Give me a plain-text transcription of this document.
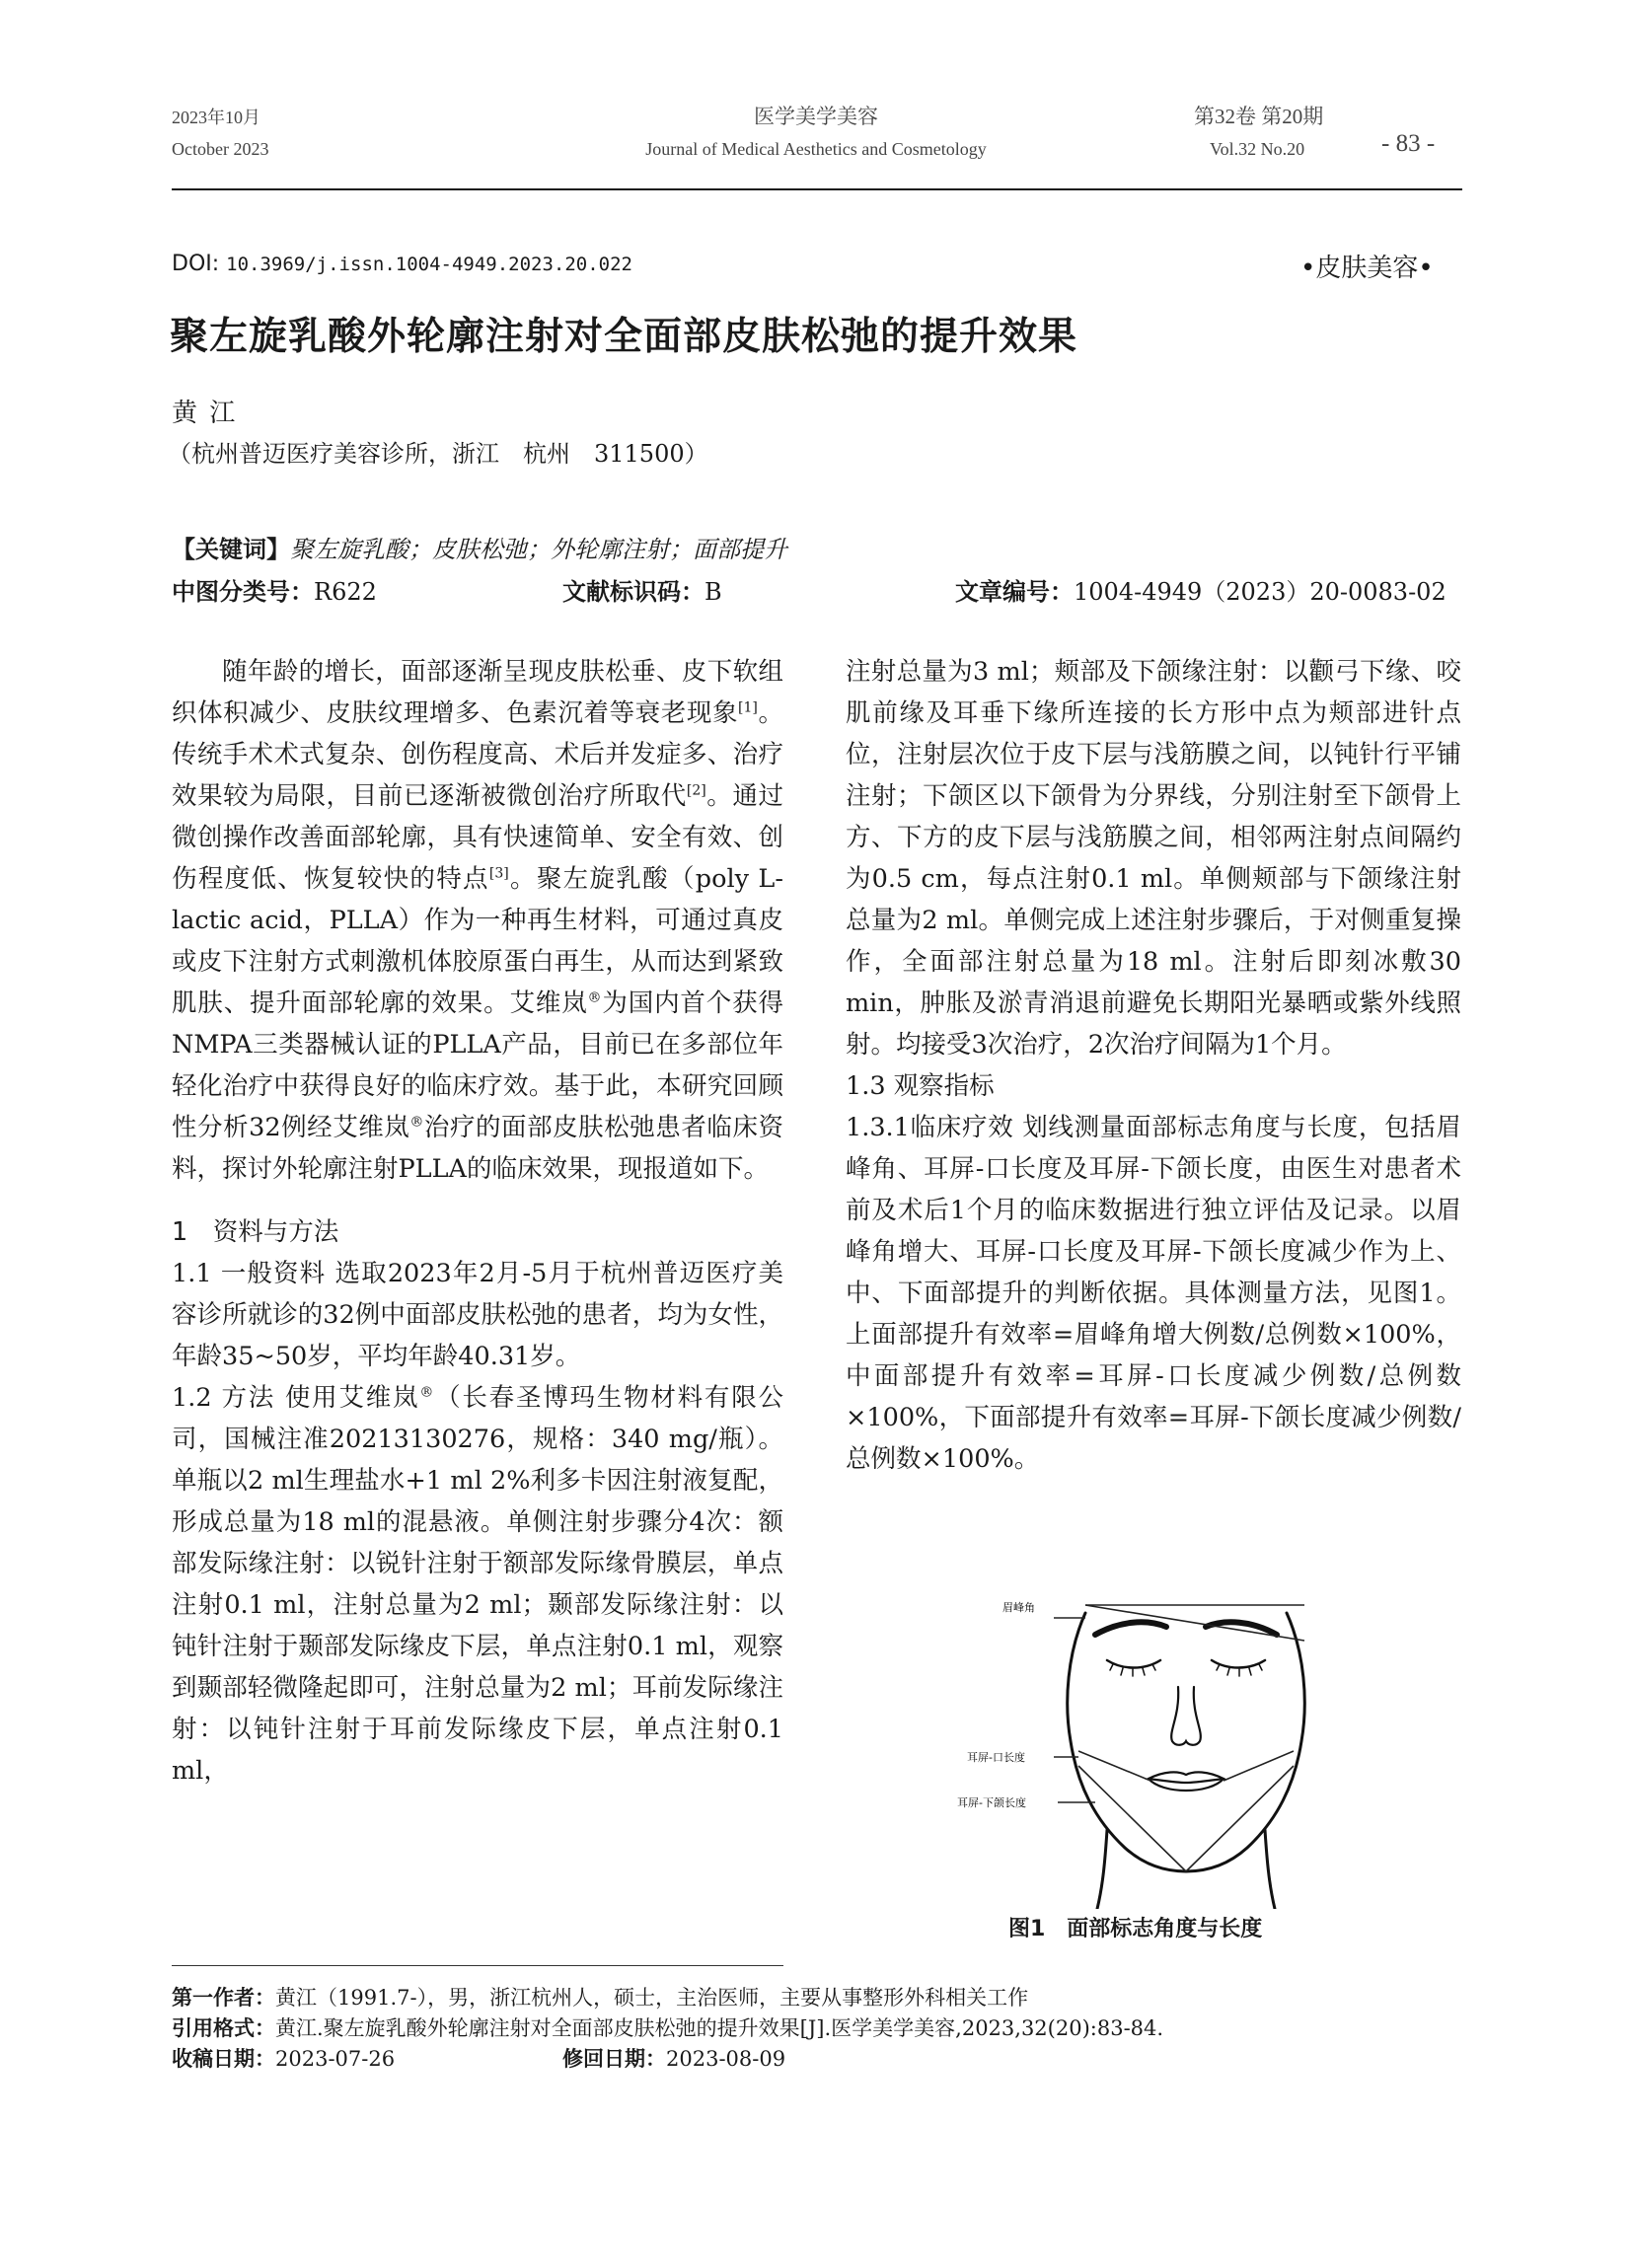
2023年10月
October 2023
医学美学美容
Journal of Medical Aesthetics and Cosmetology
第32卷 第20期
Vol.32 No.20	- 83 -
DOI: 10.3969/j.issn.1004-4949.2023.20.022	•皮肤美容•
聚左旋乳酸外轮廓注射对全面部皮肤松弛的提升效果
黄 江
（杭州普迈医疗美容诊所，浙江　杭州　311500）
【关键词】聚左旋乳酸；皮肤松弛；外轮廓注射；面部提升
中图分类号：R622	文献标识码：B	文章编号：1004-4949（2023）20-0083-02

随年龄的增长，面部逐渐呈现皮肤松垂、皮下软组织体积减少、皮肤纹理增多、色素沉着等衰老现象[1]。传统手术术式复杂、创伤程度高、术后并发症多、治疗效果较为局限，目前已逐渐被微创治疗所取代[2]。通过微创操作改善面部轮廓，具有快速简单、安全有效、创伤程度低、恢复较快的特点[3]。聚左旋乳酸（poly L-lactic acid，PLLA）作为一种再生材料，可通过真皮或皮下注射方式刺激机体胶原蛋白再生，从而达到紧致肌肤、提升面部轮廓的效果。艾维岚®为国内首个获得NMPA三类器械认证的PLLA产品，目前已在多部位年轻化治疗中获得良好的临床疗效。基于此，本研究回顾性分析32例经艾维岚®治疗的面部皮肤松弛患者临床资料，探讨外轮廓注射PLLA的临床效果，现报道如下。

1　资料与方法

1.1 一般资料 选取2023年2月-5月于杭州普迈医疗美容诊所就诊的32例中面部皮肤松弛的患者，均为女性，年龄35~50岁，平均年龄40.31岁。

1.2 方法 使用艾维岚®（长春圣博玛生物材料有限公司，国械注准20213130276，规格：340 mg/瓶）。单瓶以2 ml生理盐水+1 ml 2%利多卡因注射液复配，形成总量为18 ml的混悬液。单侧注射步骤分4次：额部发际缘注射：以锐针注射于额部发际缘骨膜层，单点注射0.1 ml，注射总量为2 ml；颞部发际缘注射：以钝针注射于颞部发际缘皮下层，单点注射0.1 ml，观察到颞部轻微隆起即可，注射总量为2 ml；耳前发际缘注射：以钝针注射于耳前发际缘皮下层，单点注射0.1 ml，

注射总量为3 ml；颊部及下颌缘注射：以颧弓下缘、咬肌前缘及耳垂下缘所连接的长方形中点为颊部进针点位，注射层次位于皮下层与浅筋膜之间，以钝针行平铺注射；下颌区以下颌骨为分界线，分别注射至下颌骨上方、下方的皮下层与浅筋膜之间，相邻两注射点间隔约为0.5 cm，每点注射0.1 ml。单侧颊部与下颌缘注射总量为2 ml。单侧完成上述注射步骤后，于对侧重复操作，全面部注射总量为18 ml。注射后即刻冰敷30 min，肿胀及淤青消退前避免长期阳光暴晒或紫外线照射。均接受3次治疗，2次治疗间隔为1个月。

1.3 观察指标

1.3.1临床疗效 划线测量面部标志角度与长度，包括眉峰角、耳屏-口长度及耳屏-下颌长度，由医生对患者术前及术后1个月的临床数据进行独立评估及记录。以眉峰角增大、耳屏-口长度及耳屏-下颌长度减少作为上、中、下面部提升的判断依据。具体测量方法，见图1。上面部提升有效率=眉峰角增大例数/总例数×100%，中面部提升有效率=耳屏-口长度减少例数/总例数×100%，下面部提升有效率=耳屏-下颌长度减少例数/总例数×100%。

眉峰角
耳屏-口长度
耳屏-下颌长度
图1　面部标志角度与长度
第一作者：黄江（1991.7-），男，浙江杭州人，硕士，主治医师，主要从事整形外科相关工作
引用格式：黄江.聚左旋乳酸外轮廓注射对全面部皮肤松弛的提升效果[J].医学美学美容,2023,32(20):83-84.
收稿日期：2023-07-26	修回日期：2023-08-09
